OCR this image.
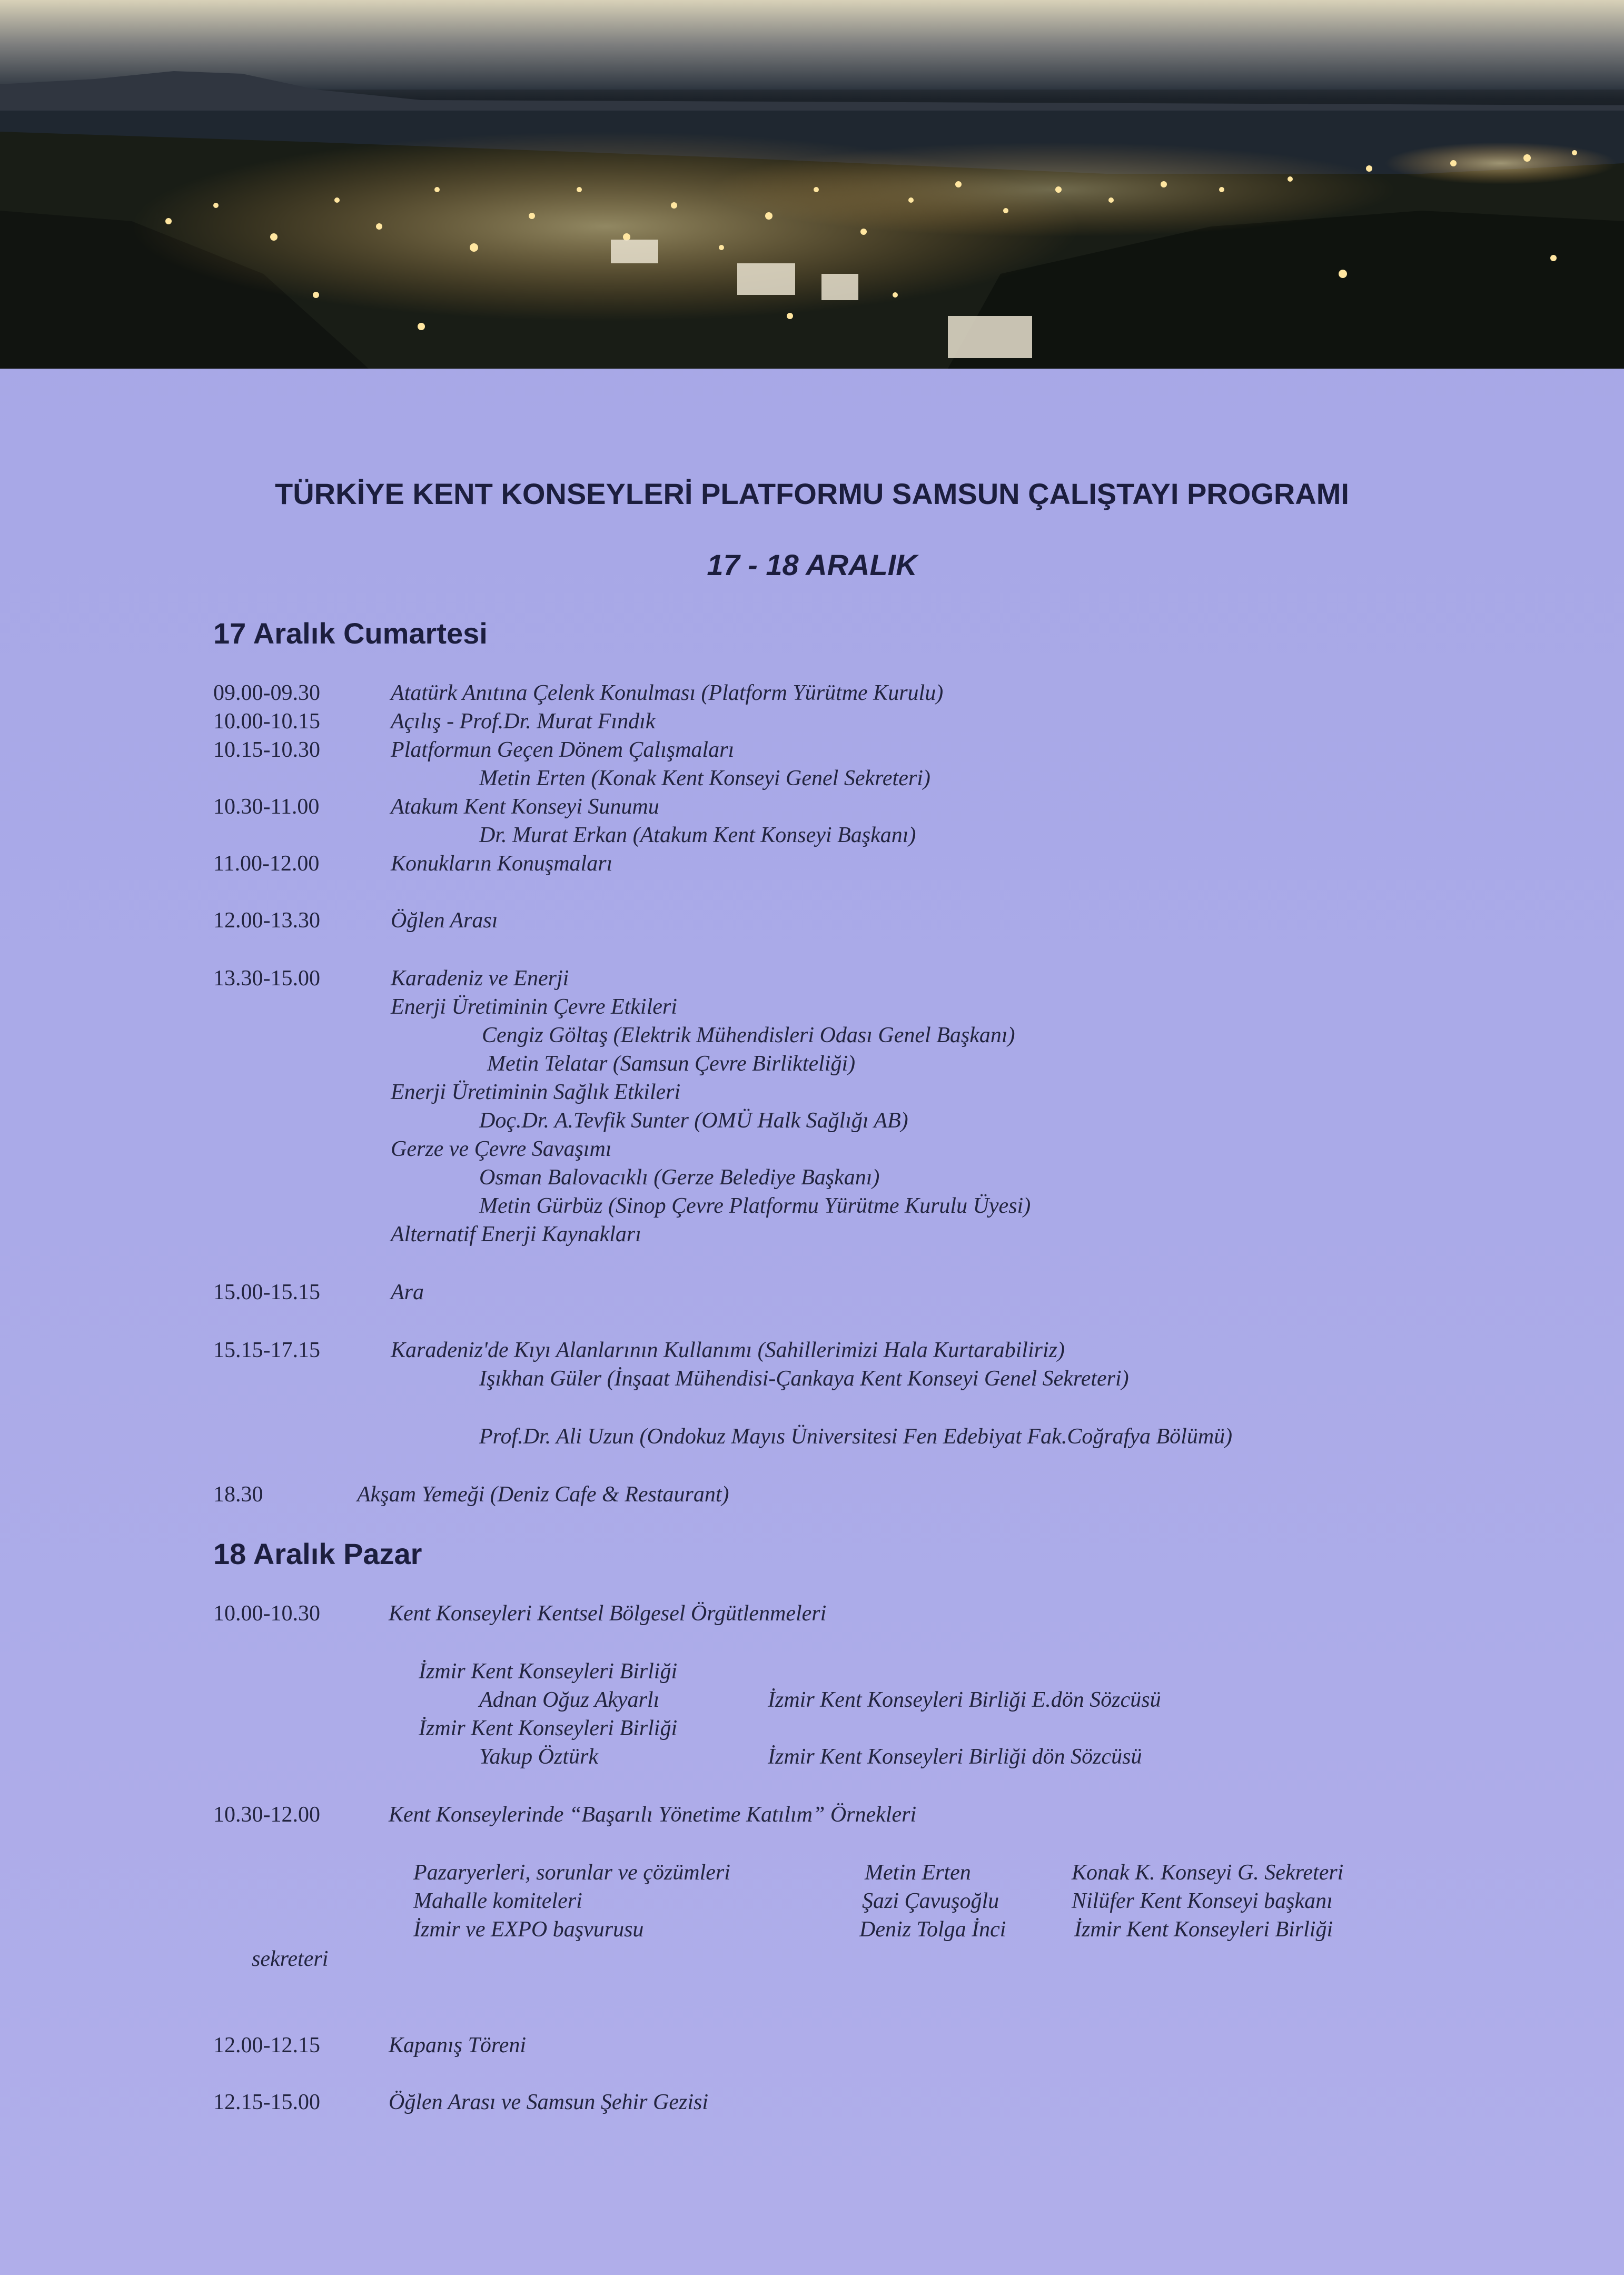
TÜRKİYE KENT KONSEYLERİ PLATFORMU SAMSUN ÇALIŞTAYI PROGRAMI
17 - 18 ARALIK
17 Aralık Cumartesi
09.00-09.30	Atatürk Anıtına Çelenk Konulması (Platform Yürütme Kurulu)
10.00-10.15	Açılış - Prof.Dr. Murat Fındık
10.15-10.30	Platformun Geçen Dönem Çalışmaları
Metin Erten (Konak Kent Konseyi Genel Sekreteri)
10.30-11.00	Atakum Kent Konseyi Sunumu
Dr. Murat Erkan (Atakum Kent Konseyi Başkanı)
11.00-12.00	Konukların Konuşmaları
12.00-13.30	Öğlen Arası
13.30-15.00	Karadeniz ve Enerji
Enerji Üretiminin Çevre Etkileri
Cengiz Göltaş (Elektrik Mühendisleri Odası Genel Başkanı)
Metin Telatar (Samsun Çevre Birlikteliği)
Enerji Üretiminin Sağlık Etkileri
Doç.Dr. A.Tevfik Sunter (OMÜ Halk Sağlığı AB)
Gerze ve Çevre Savaşımı
Osman Balovacıklı (Gerze Belediye Başkanı)
Metin Gürbüz (Sinop Çevre Platformu Yürütme Kurulu Üyesi)
Alternatif Enerji Kaynakları
15.00-15.15	Ara
15.15-17.15	Karadeniz'de Kıyı Alanlarının Kullanımı (Sahillerimizi Hala Kurtarabiliriz)
Işıkhan Güler (İnşaat Mühendisi-Çankaya Kent Konseyi Genel Sekreteri)
Prof.Dr. Ali Uzun (Ondokuz Mayıs Üniversitesi Fen Edebiyat Fak.Coğrafya Bölümü)
18.30	Akşam Yemeği (Deniz Cafe & Restaurant)
18 Aralık Pazar
10.00-10.30	Kent Konseyleri Kentsel Bölgesel Örgütlenmeleri
İzmir Kent Konseyleri Birliği
Adnan Oğuz Akyarlı	İzmir Kent Konseyleri Birliği E.dön Sözcüsü
İzmir Kent Konseyleri Birliği
Yakup Öztürk	İzmir Kent Konseyleri Birliği dön Sözcüsü
10.30-12.00	Kent Konseylerinde “Başarılı Yönetime Katılım” Örnekleri
Pazaryerleri, sorunlar ve çözümleri	Metin Erten	Konak K. Konseyi G. Sekreteri
Mahalle komiteleri	Şazi Çavuşoğlu	Nilüfer Kent Konseyi başkanı
İzmir ve EXPO başvurusu	Deniz Tolga İnci	İzmir Kent Konseyleri Birliği
sekreteri
12.00-12.15	Kapanış Töreni
12.15-15.00	Öğlen Arası ve Samsun Şehir Gezisi
